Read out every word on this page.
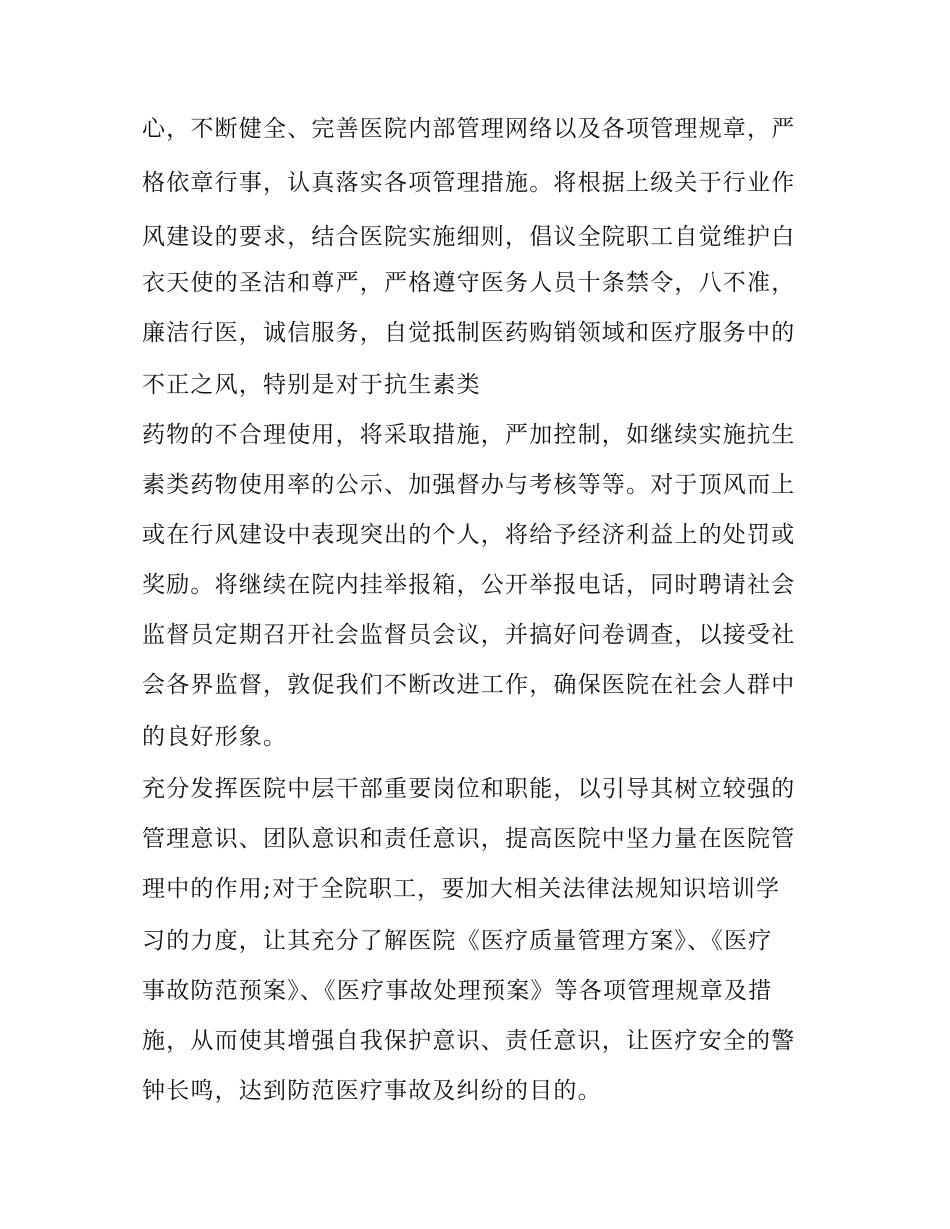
心，不断健全、完善医院内部管理网络以及各项管理规章，严
格依章行事，认真落实各项管理措施。将根据上级关于行业作
风建设的要求，结合医院实施细则，倡议全院职工自觉维护白
衣天使的圣洁和尊严，严格遵守医务人员十条禁令，八不准，
廉洁行医，诚信服务，自觉抵制医药购销领域和医疗服务中的
不正之风，特别是对于抗生素类
药物的不合理使用，将采取措施，严加控制，如继续实施抗生
素类药物使用率的公示、加强督办与考核等等。对于顶风而上
或在行风建设中表现突出的个人，将给予经济利益上的处罚或
奖励。将继续在院内挂举报箱，公开举报电话，同时聘请社会
监督员定期召开社会监督员会议，并搞好问卷调查，以接受社
会各界监督，敦促我们不断改进工作，确保医院在社会人群中
的良好形象。
充分发挥医院中层干部重要岗位和职能，以引导其树立较强的
管理意识、团队意识和责任意识，提高医院中坚力量在医院管
理中的作用;对于全院职工，要加大相关法律法规知识培训学
习的力度，让其充分了解医院《医疗质量管理方案》、《医疗
事故防范预案》、《医疗事故处理预案》等各项管理规章及措
施，从而使其增强自我保护意识、责任意识，让医疗安全的警
钟长鸣，达到防范医疗事故及纠纷的目的。
